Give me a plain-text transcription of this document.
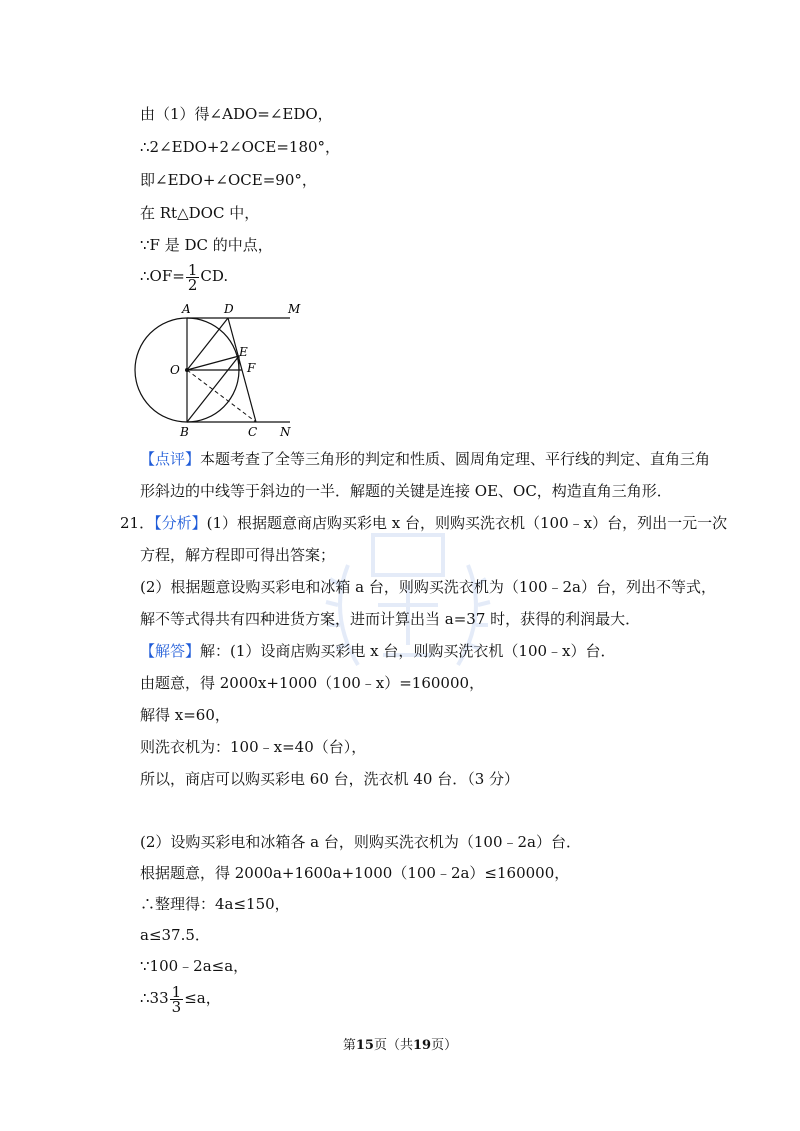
由（1）得∠ADO=∠EDO，
∴2∠EDO+2∠OCE=180°，
即∠EDO+∠OCE=90°，
在 Rt△DOC 中，
∵F 是 DC 的中点，
∴OF= $\frac{1}{2}$ CD.
A	D	M
O
E
F
B	C N
【点评】本题考查了全等三角形的判定和性质、圆周角定理、平行线的判定、直角三角
形斜边的中线等于斜边的一半．解题的关键是连接 OE、OC，构造直角三角形．
21．【分析】(1）根据题意商店购买彩电 x 台，则购买洗衣机（100﹣x）台，列出一元一次
方程，解方程即可得出答案；
(2）根据题意设购买彩电和冰箱 a 台，则购买洗衣机为（100﹣2a）台，列出不等式，
解不等式得共有四种进货方案，进而计算出当 a=37 时，获得的利润最大．
【解答】解：(1）设商店购买彩电 x 台，则购买洗衣机（100﹣x）台．
由题意，得 2000x+1000（100﹣x）=160000，
解得 x=60，
则洗衣机为：100﹣x=40（台），
所以，商店可以购买彩电 60 台，洗衣机 40 台．（3 分）
(2）设购买彩电和冰箱各 a 台，则购买洗衣机为（100﹣2a）台．
根据题意，得 2000a+1600a+1000（100﹣2a）≤160000，
∴整理得：4a≤150，
a≤37.5．
∵100﹣2a≤a，
∴33 $\frac{1}{3} \le a$，
第15页（共19页）
